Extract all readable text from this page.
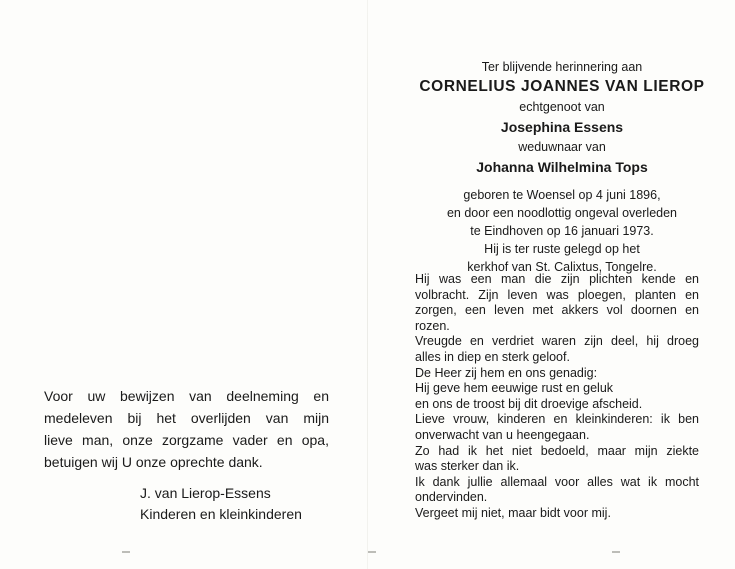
Ter blijvende herinnering aan
CORNELIUS JOANNES VAN LIEROP
echtgenoot van
Josephina Essens
weduwnaar van
Johanna Wilhelmina Tops
geboren te Woensel op 4 juni 1896,
en door een noodlottig ongeval overleden
te Eindhoven op 16 januari 1973.
Hij is ter ruste gelegd op het
kerkhof van St. Calixtus, Tongelre.
Hij was een man die zijn plichten kende en
volbracht. Zijn leven was ploegen, planten en
zorgen, een leven met akkers vol doornen en
rozen.
Vreugde en verdriet waren zijn deel, hij droeg
alles in diep en sterk geloof.
De Heer zij hem en ons genadig:
Hij geve hem eeuwige rust en geluk
en ons de troost bij dit droevige afscheid.
Lieve vrouw, kinderen en kleinkinderen: ik ben
onverwacht van u heengegaan.
Zo had ik het niet bedoeld, maar mijn ziekte
was sterker dan ik.
Ik dank jullie allemaal voor alles wat ik mocht
ondervinden.
Vergeet mij niet, maar bidt voor mij.
Voor uw bewijzen van deelneming en
medeleven bij het overlijden van mijn
lieve man, onze zorgzame vader en opa,
betuigen wij U onze oprechte dank.
J. van Lierop-Essens
Kinderen en kleinkinderen
